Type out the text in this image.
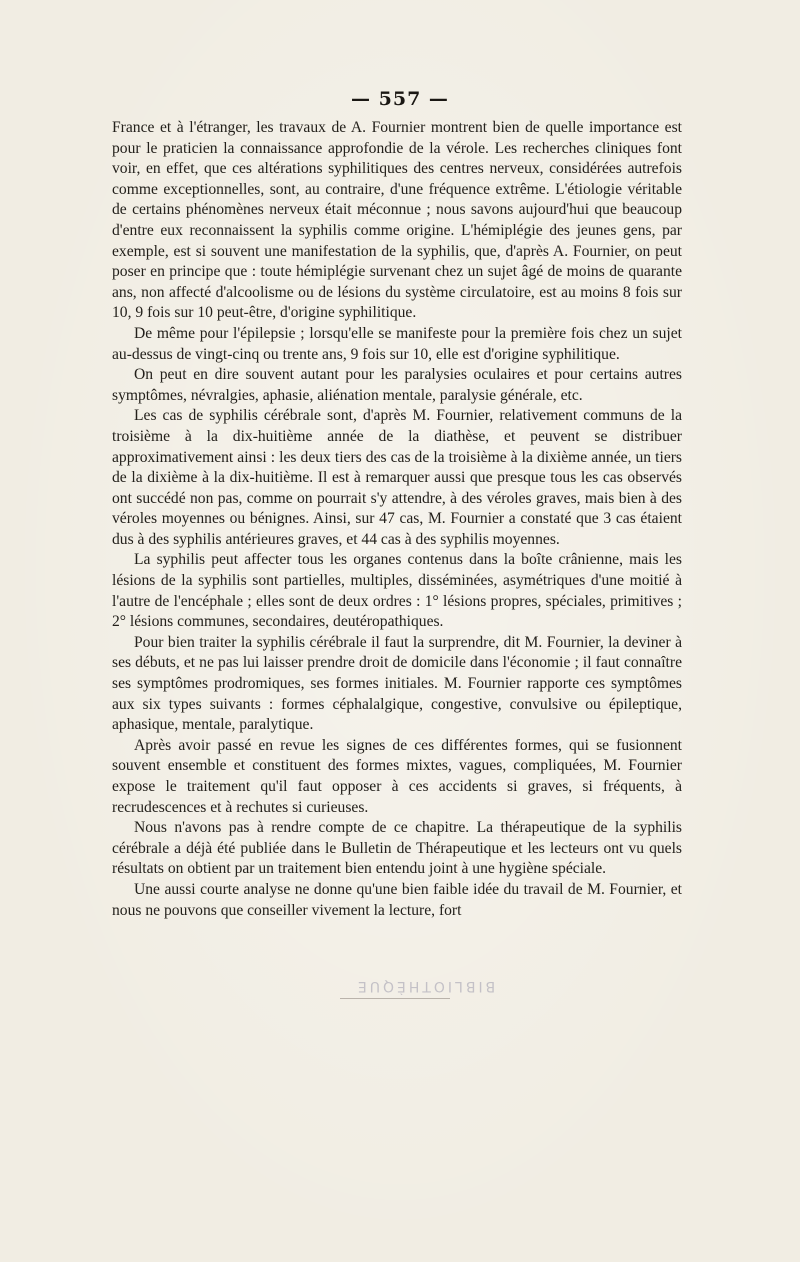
— 557 —

France et à l'étranger, les travaux de A. Fournier montrent bien de quelle importance est pour le praticien la connaissance approfondie de la vérole. Les recherches cliniques font voir, en effet, que ces altérations syphilitiques des centres nerveux, considérées autrefois comme exceptionnelles, sont, au contraire, d'une fréquence extrême. L'étiologie véritable de certains phénomènes nerveux était méconnue ; nous savons aujourd'hui que beaucoup d'entre eux reconnaissent la syphilis comme origine. L'hémiplégie des jeunes gens, par exemple, est si souvent une manifestation de la syphilis, que, d'après A. Fournier, on peut poser en principe que : toute hémiplégie survenant chez un sujet âgé de moins de quarante ans, non affecté d'alcoolisme ou de lésions du système circulatoire, est au moins 8 fois sur 10, 9 fois sur 10 peut-être, d'origine syphilitique.

De même pour l'épilepsie ; lorsqu'elle se manifeste pour la première fois chez un sujet au-dessus de vingt-cinq ou trente ans, 9 fois sur 10, elle est d'origine syphilitique.

On peut en dire souvent autant pour les paralysies oculaires et pour certains autres symptômes, névralgies, aphasie, aliénation mentale, paralysie générale, etc.

Les cas de syphilis cérébrale sont, d'après M. Fournier, relativement communs de la troisième à la dix-huitième année de la diathèse, et peuvent se distribuer approximativement ainsi : les deux tiers des cas de la troisième à la dixième année, un tiers de la dixième à la dix-huitième. Il est à remarquer aussi que presque tous les cas observés ont succédé non pas, comme on pourrait s'y attendre, à des véroles graves, mais bien à des véroles moyennes ou bénignes. Ainsi, sur 47 cas, M. Fournier a constaté que 3 cas étaient dus à des syphilis antérieures graves, et 44 cas à des syphilis moyennes.

La syphilis peut affecter tous les organes contenus dans la boîte crânienne, mais les lésions de la syphilis sont partielles, multiples, disséminées, asymétriques d'une moitié à l'autre de l'encéphale ; elles sont de deux ordres : 1° lésions propres, spéciales, primitives ; 2° lésions communes, secondaires, deutéropathiques.

Pour bien traiter la syphilis cérébrale il faut la surprendre, dit M. Fournier, la deviner à ses débuts, et ne pas lui laisser prendre droit de domicile dans l'économie ; il faut connaître ses symptômes prodromiques, ses formes initiales. M. Fournier rapporte ces symptômes aux six types suivants : formes céphalalgique, congestive, convulsive ou épileptique, aphasique, mentale, paralytique.

Après avoir passé en revue les signes de ces différentes formes, qui se fusionnent souvent ensemble et constituent des formes mixtes, vagues, compliquées, M. Fournier expose le traitement qu'il faut opposer à ces accidents si graves, si fréquents, à recrudescences et à rechutes si curieuses.

Nous n'avons pas à rendre compte de ce chapitre. La thérapeutique de la syphilis cérébrale a déjà été publiée dans le Bulletin de Thérapeutique et les lecteurs ont vu quels résultats on obtient par un traitement bien entendu joint à une hygiène spéciale.

Une aussi courte analyse ne donne qu'une bien faible idée du travail de M. Fournier, et nous ne pouvons que conseiller vivement la lecture, fort

BIBLIOTHÈQUE
